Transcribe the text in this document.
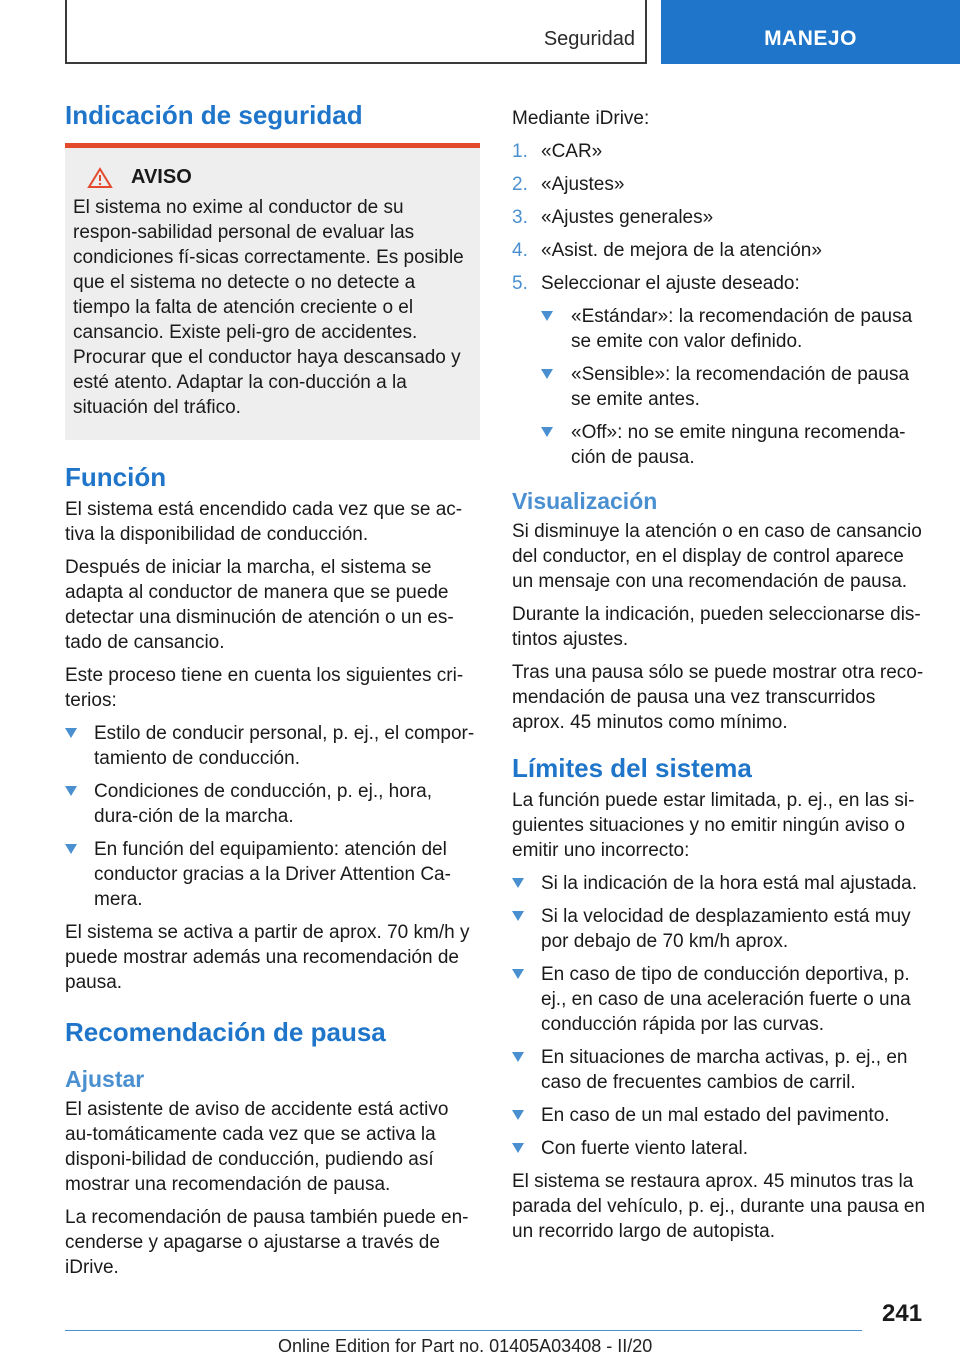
Seguridad	MANEJO
Indicación de seguridad
AVISO

El sistema no exime al conductor de su respon-sabilidad personal de evaluar las condiciones fí-sicas correctamente. Es posible que el sistema no detecte o no detecte a tiempo la falta de atención creciente o el cansancio. Existe peli-gro de accidentes. Procurar que el conductor haya descansado y esté atento. Adaptar la con-ducción a la situación del tráfico.

Función

El sistema está encendido cada vez que se ac-tiva la disponibilidad de conducción.

Después de iniciar la marcha, el sistema se adapta al conductor de manera que se puede detectar una disminución de atención o un es-tado de cansancio.

Este proceso tiene en cuenta los siguientes cri-terios:

Estilo de conducir personal, p. ej., el compor-tamiento de conducción.
Condiciones de conducción, p. ej., hora, dura-ción de la marcha.
En función del equipamiento: atención del conductor gracias a la Driver Attention Ca-mera.

El sistema se activa a partir de aprox. 70 km/h y puede mostrar además una recomendación de pausa.

Recomendación de pausa
Ajustar

El asistente de aviso de accidente está activo au-tomáticamente cada vez que se activa la disponi-bilidad de conducción, pudiendo así mostrar una recomendación de pausa.

La recomendación de pausa también puede en-cenderse y apagarse o ajustarse a través de iDrive.

Mediante iDrive:

1. «CAR»
2. «Ajustes»
3. «Ajustes generales»
4. «Asist. de mejora de la atención»
5. Seleccionar el ajuste deseado:
«Estándar»: la recomendación de pausa se emite con valor definido.
«Sensible»: la recomendación de pausa se emite antes.
«Off»: no se emite ninguna recomenda-ción de pausa.
Visualización

Si disminuye la atención o en caso de cansancio del conductor, en el display de control aparece un mensaje con una recomendación de pausa.

Durante la indicación, pueden seleccionarse dis-tintos ajustes.

Tras una pausa sólo se puede mostrar otra reco-mendación de pausa una vez transcurridos aprox. 45 minutos como mínimo.

Límites del sistema

La función puede estar limitada, p. ej., en las si-guientes situaciones y no emitir ningún aviso o emitir uno incorrecto:

Si la indicación de la hora está mal ajustada.
Si la velocidad de desplazamiento está muy por debajo de 70 km/h aprox.
En caso de tipo de conducción deportiva, p. ej., en caso de una aceleración fuerte o una conducción rápida por las curvas.
En situaciones de marcha activas, p. ej., en caso de frecuentes cambios de carril.
En caso de un mal estado del pavimento.
Con fuerte viento lateral.

El sistema se restaura aprox. 45 minutos tras la parada del vehículo, p. ej., durante una pausa en un recorrido largo de autopista.

241
Online Edition for Part no. 01405A03408 - II/20
